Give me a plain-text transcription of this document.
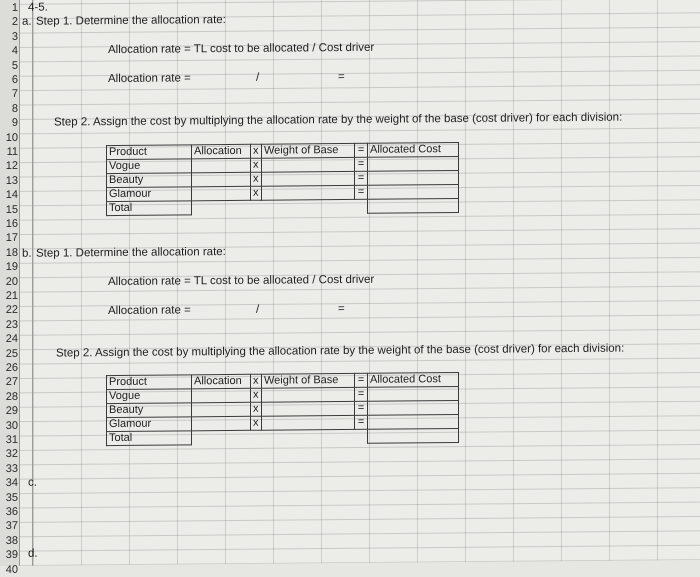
1
2
3
4
5
6
7
8
9
10
11
12
13
14
15
16
17
18
19
20
21
22
23
24
25
26
27
28
29
30
31
32
33
34
35
36
37
38
39
40
4-5.
a. Step 1. Determine the allocation rate:
Allocation rate = TL cost to be allocated / Cost driver
Allocation rate =	/	=
Step 2. Assign the cost by multiplying the allocation rate by the weight of the base (cost driver) for each division:
Product	Allocation	x	Weight of Base	=	Allocated Cost
Vogue		x		=	
Beauty		x		=	
Glamour		x		=	
Total					
b. Step 1. Determine the allocation rate:
Allocation rate = TL cost to be allocated / Cost driver
Allocation rate =	/	=
Step 2. Assign the cost by multiplying the allocation rate by the weight of the base (cost driver) for each division:
Product	Allocation	x	Weight of Base	=	Allocated Cost
Vogue		x		=	
Beauty		x		=	
Glamour		x		=	
Total					
c.
d.
